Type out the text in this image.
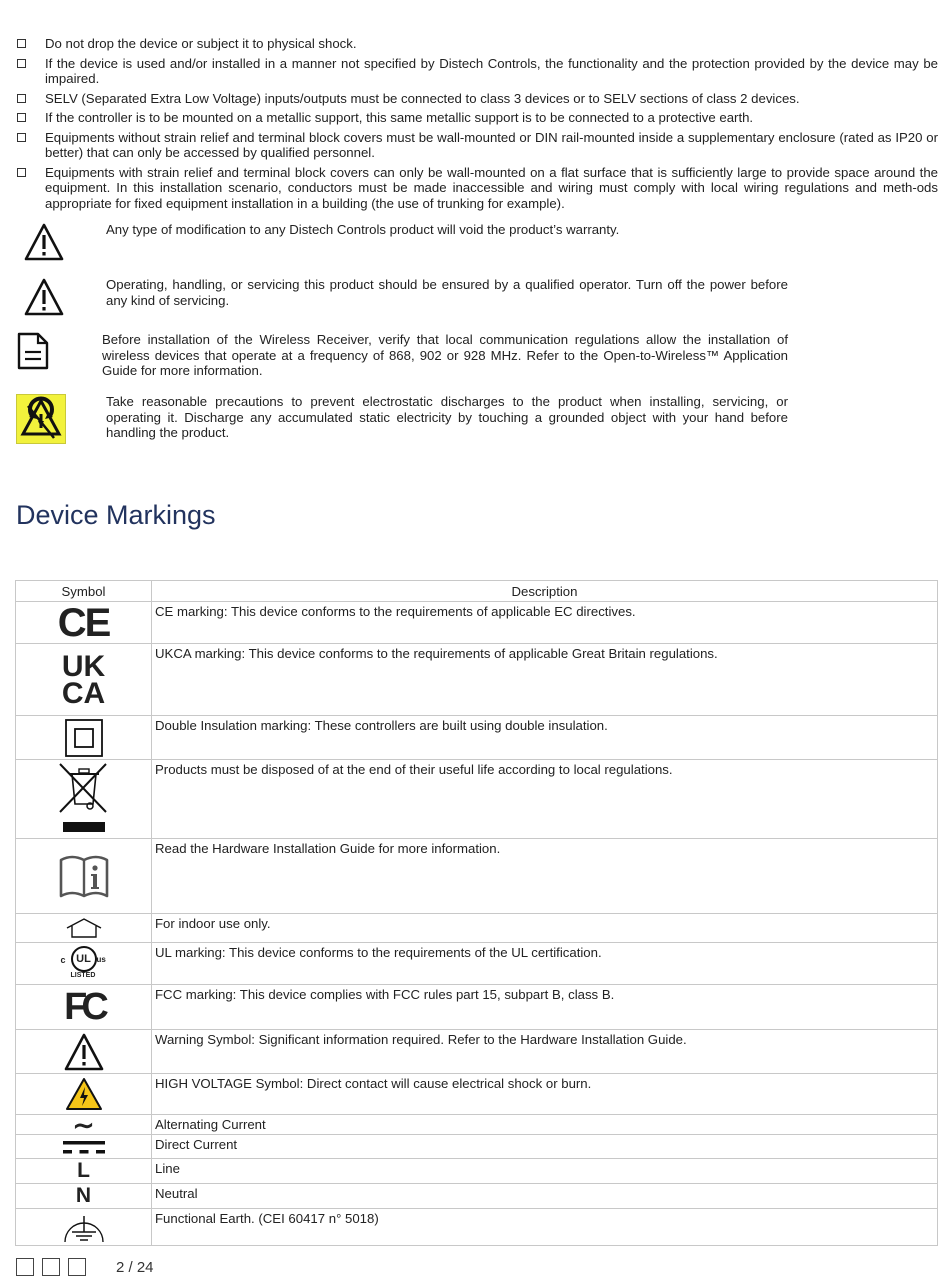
Do not drop the device or subject it to physical shock.
If the device is used and/or installed in a manner not specified by Distech Controls, the functionality and the protection provided by the device may be impaired.
SELV (Separated Extra Low Voltage) inputs/outputs must be connected to class 3 devices or to SELV sections of class 2 devices.
If the controller is to be mounted on a metallic support, this same metallic support is to be connected to a protective earth.
Equipments without strain relief and terminal block covers must be wall-mounted or DIN rail-mounted inside a supplementary enclosure (rated as IP20 or better) that can only be accessed by qualified personnel.
Equipments with strain relief and terminal block covers can only be wall-mounted on a flat surface that is sufficiently large to provide space around the equipment. In this installation scenario, conductors must be made inaccessible and wiring must comply with local wiring regulations and meth-ods appropriate for fixed equipment installation in a building (the use of trunking for example).
Any type of modification to any Distech Controls product will void the product’s warranty.
Operating, handling, or servicing this product should be ensured by a qualified operator. Turn off the power before any kind of servicing.
Before installation of the Wireless Receiver, verify that local communication regulations allow the installation of wireless devices that operate at a frequency of 868, 902 or 928 MHz. Refer to the Open-to-Wireless™ Application Guide for more information.
Take reasonable precautions to prevent electrostatic discharges to the product when installing, servicing, or operating it. Discharge any accumulated static electricity by touching a grounded object with your hand before handling the product.
Device Markings
Symbol	Description

CE	CE marking: This device conforms to the requirements of applicable EC directives.

UK
CA	UKCA marking: This device conforms to the requirements of applicable Great Britain regulations.

	Double Insulation marking: These controllers are built using double insulation.

	Products must be disposed of at the end of their useful life according to local regulations.

	Read the Hardware Installation Guide for more information.

	For indoor use only.

c UL us
LISTED	UL marking: This device conforms to the requirements of the UL certification.

FC	FCC marking: This device complies with FCC rules part 15, subpart B, class B.

	Warning Symbol: Significant information required. Refer to the Hardware Installation Guide.

	HIGH VOLTAGE Symbol: Direct contact will cause electrical shock or burn.

∼	Alternating Current

	Direct Current

L	Line

N	Neutral

	Functional Earth. (CEI 60417 n° 5018)
2 / 24
